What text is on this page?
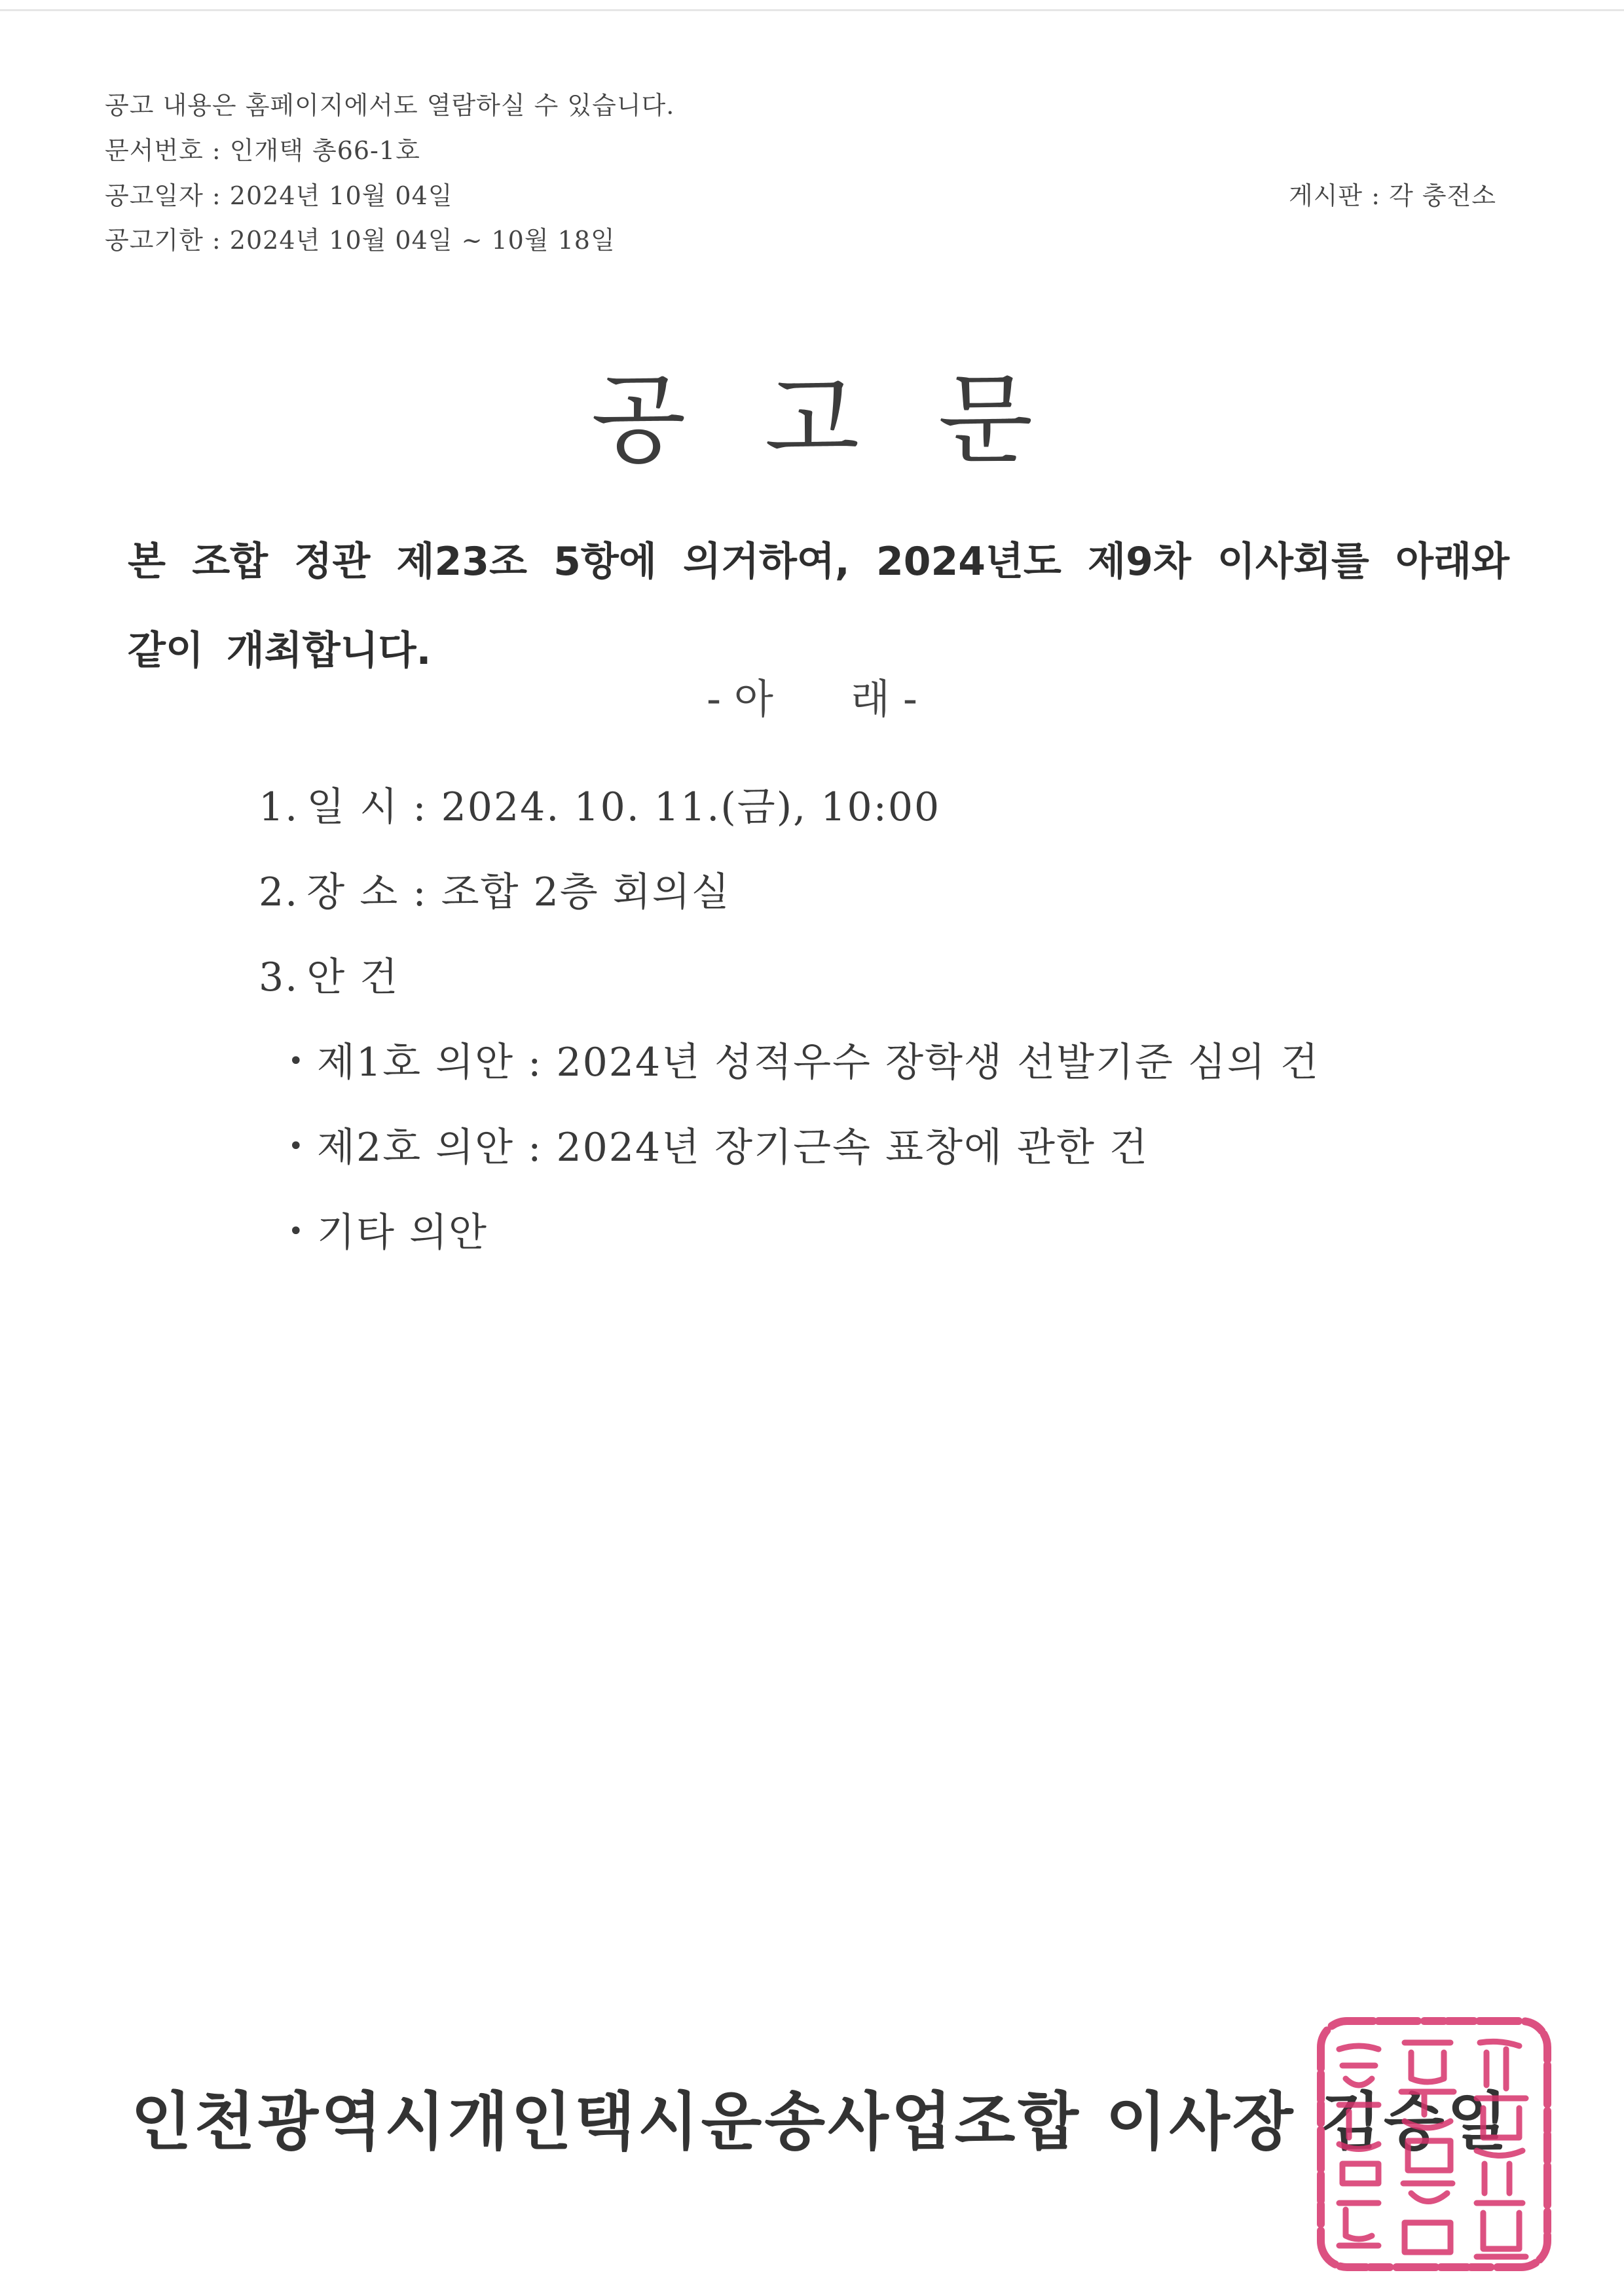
공고 내용은 홈페이지에서도 열람하실 수 있습니다.
문서번호 : 인개택 총66-1호
공고일자 : 2024년 10월 04일
공고기한 : 2024년 10월 04일 ~ 10월 18일
게시판 : 각 충전소
공고문
본 조합 정관 제23조 5항에 의거하여, 2024년도 제9차 이사회를 아래와 같이 개최합니다.
- 아      래 -
1. 일 시 : 2024. 10. 11.(금), 10:00
2. 장 소 : 조합 2층 회의실
3. 안 건
• 제1호 의안 : 2024년 성적우수 장학생 선발기준 심의 건
• 제2호 의안 : 2024년 장기근속 표창에 관한 건
• 기타 의안
인천광역시개인택시운송사업조합 이사장 김승일
